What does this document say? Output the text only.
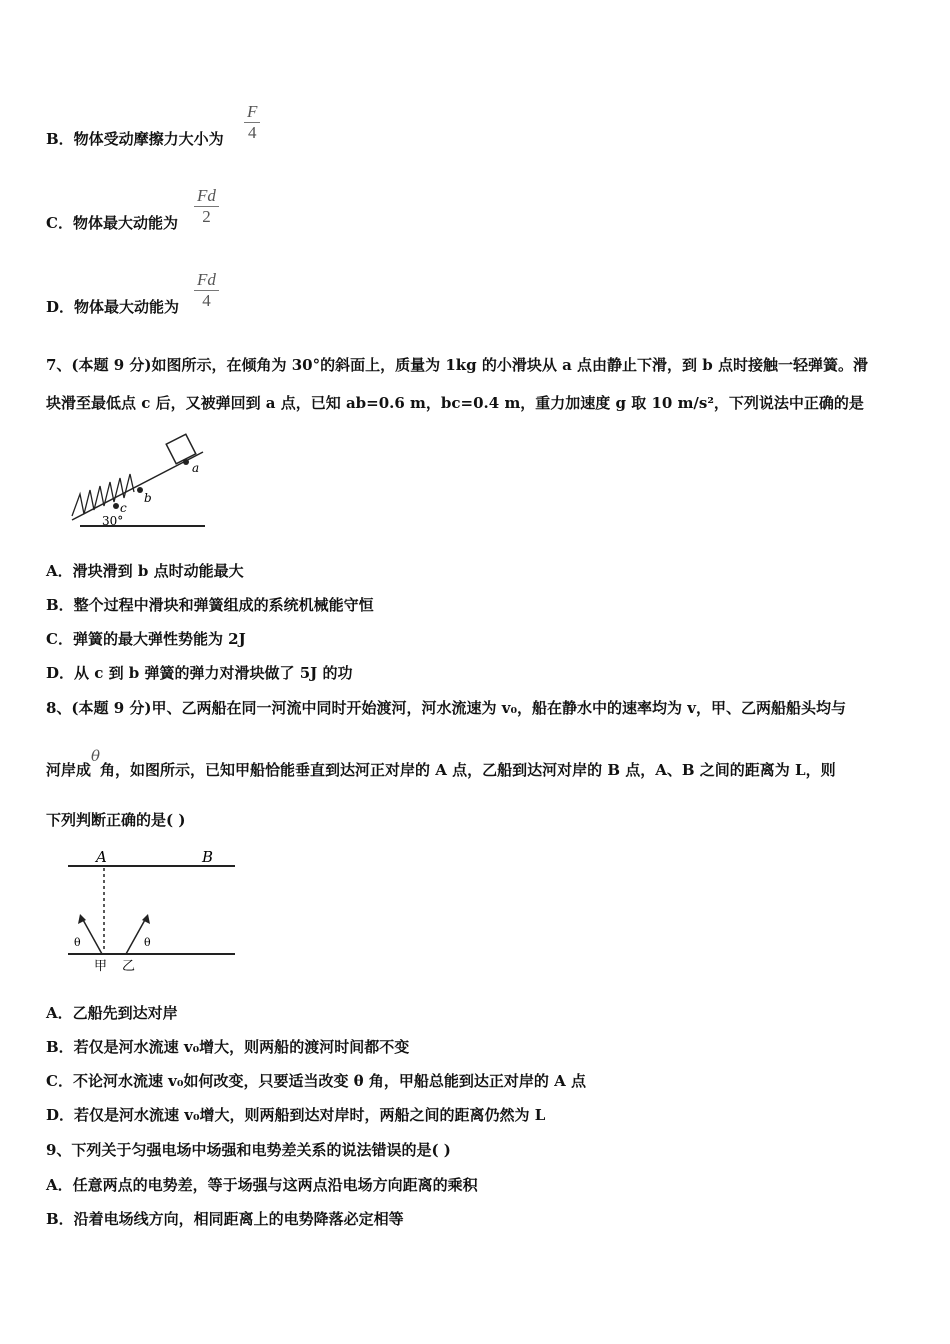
B．物体受动摩擦力大小为 $\frac{F}{4}$
C．物体最大动能为 $\frac{Fd}{2}$
D．物体最大动能为 $\frac{Fd}{4}$
7、(本题 9 分)如图所示，在倾角为 30°的斜面上，质量为 1kg 的小滑块从 a 点由静止下滑，到 b 点时接触一轻弹簧。滑
块滑至最低点 c 后，又被弹回到 a 点，已知 ab=0.6 m，bc=0.4 m，重力加速度 g 取 10 m/s²，下列说法中正确的是
a
b
c
30°
A．滑块滑到 b 点时动能最大
B．整个过程中滑块和弹簧组成的系统机械能守恒
C．弹簧的最大弹性势能为 2J
D．从 c 到 b 弹簧的弹力对滑块做了 5J 的功
8、(本题 9 分)甲、乙两船在同一河流中同时开始渡河，河水流速为 v₀，船在静水中的速率均为 v，甲、乙两船船头均与
河岸成θ角，如图所示，已知甲船恰能垂直到达河正对岸的 A 点，乙船到达河对岸的 B 点，A、B 之间的距离为 L，则
下列判断正确的是( )
A	B
θ	θ
甲 乙
A．乙船先到达对岸
B．若仅是河水流速 v₀增大，则两船的渡河时间都不变
C．不论河水流速 v₀如何改变，只要适当改变 θ 角，甲船总能到达正对岸的 A 点
D．若仅是河水流速 v₀增大，则两船到达对岸时，两船之间的距离仍然为 L
9、下列关于匀强电场中场强和电势差关系的说法错误的是( )
A．任意两点的电势差，等于场强与这两点沿电场方向距离的乘积
B．沿着电场线方向，相同距离上的电势降落必定相等
